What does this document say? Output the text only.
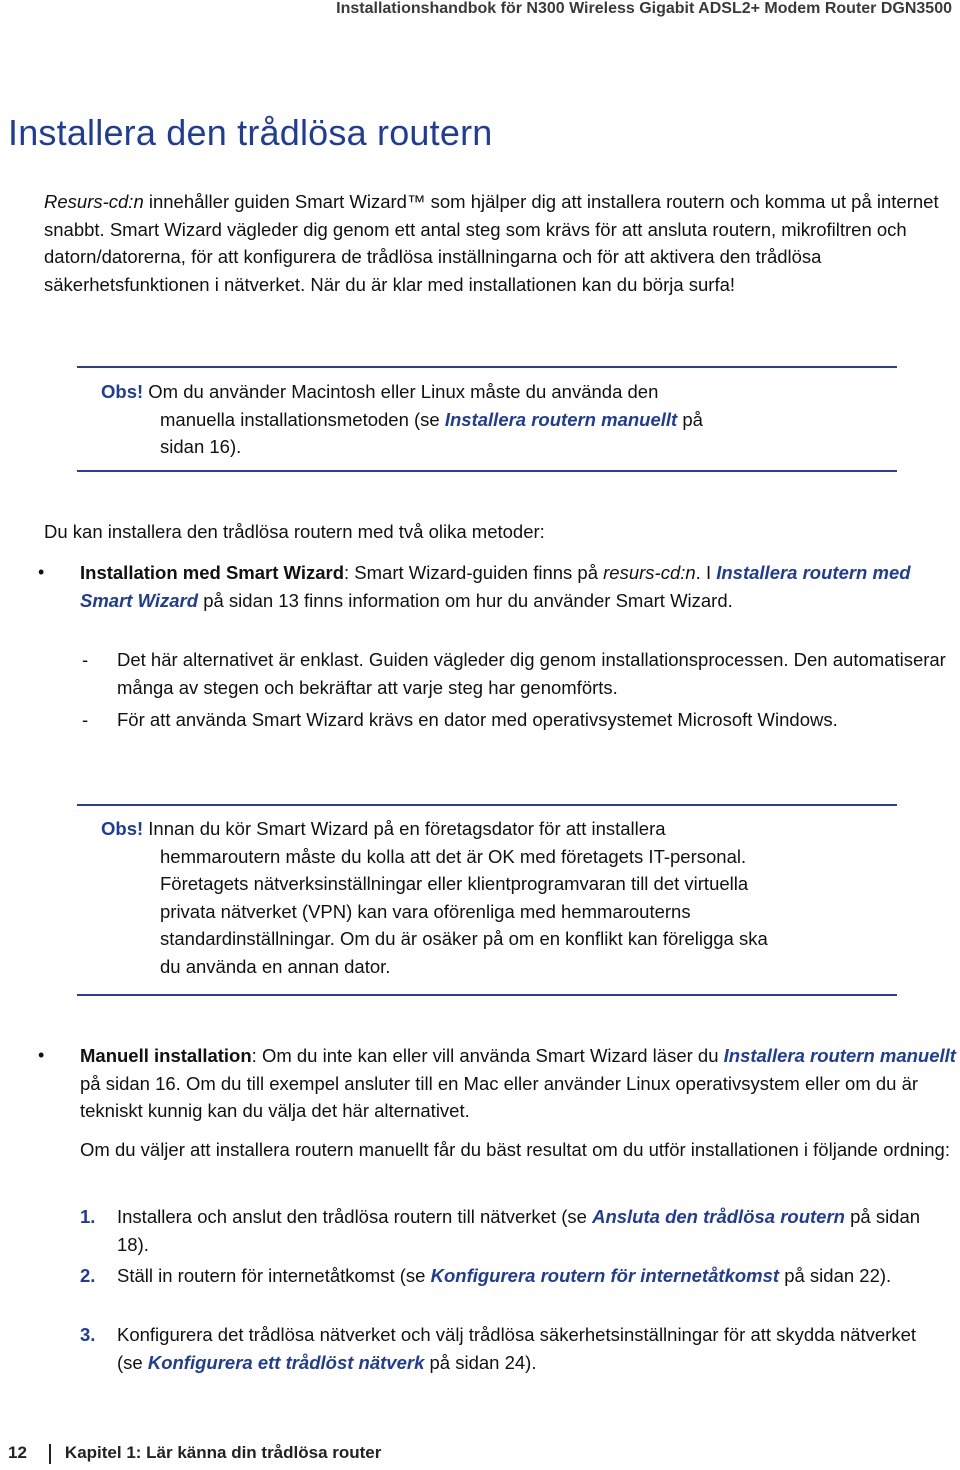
Installationshandbok för N300 Wireless Gigabit ADSL2+ Modem Router DGN3500
Installera den trådlösa routern

Resurs-cd:n innehåller guiden Smart Wizard™ som hjälper dig att installera routern och komma ut på internet snabbt. Smart Wizard vägleder dig genom ett antal steg som krävs för att ansluta routern, mikrofiltren och datorn/datorerna, för att konfigurera de trådlösa inställningarna och för att aktivera den trådlösa säkerhetsfunktionen i nätverket. När du är klar med installationen kan du börja surfa!

Obs! Om du använder Macintosh eller Linux måste du använda den
manuella installationsmetoden (se Installera routern manuellt på
sidan 16).

Du kan installera den trådlösa routern med två olika metoder:

• Installation med Smart Wizard: Smart Wizard-guiden finns på resurs-cd:n. I Installera routern med Smart Wizard på sidan 13 finns information om hur du använder Smart Wizard.

- Det här alternativet är enklast. Guiden vägleder dig genom installationsprocessen. Den automatiserar många av stegen och bekräftar att varje steg har genomförts.

- För att använda Smart Wizard krävs en dator med operativsystemet Microsoft Windows.

Obs! Innan du kör Smart Wizard på en företagsdator för att installera
hemmaroutern måste du kolla att det är OK med företagets IT-personal.
Företagets nätverksinställningar eller klientprogramvaran till det virtuella
privata nätverket (VPN) kan vara oförenliga med hemmarouterns
standardinställningar. Om du är osäker på om en konflikt kan föreligga ska
du använda en annan dator.
• Manuell installation: Om du inte kan eller vill använda Smart Wizard läser du Installera routern manuellt på sidan 16. Om du till exempel ansluter till en Mac eller använder Linux operativsystem eller om du är tekniskt kunnig kan du välja det här alternativet.

Om du väljer att installera routern manuellt får du bäst resultat om du utför installationen i följande ordning:

1. Installera och anslut den trådlösa routern till nätverket (se Ansluta den trådlösa routern på sidan 18).

2. Ställ in routern för internetåtkomst (se Konfigurera routern för internetåtkomst på sidan 22).

3. Konfigurera det trådlösa nätverket och välj trådlösa säkerhetsinställningar för att skydda nätverket (se Konfigurera ett trådlöst nätverk på sidan 24).

12 Kapitel 1: Lär känna din trådlösa router
